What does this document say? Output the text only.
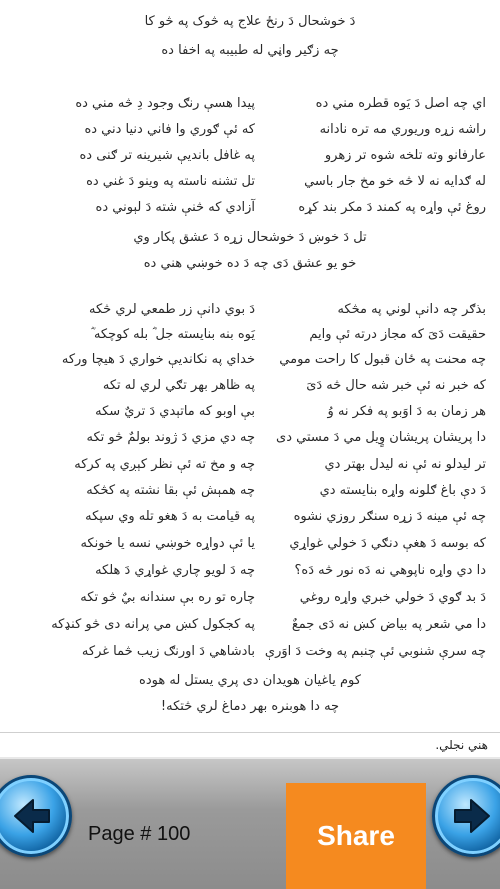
دَ خوشحال دَ رنځ علاج په څوک په څو کا
چه زګیر واڼي له طبیبه په اخفا ده
اي چه اصل دَ يَوه قطره مني ده
پيدا هسې رنګ وجود دِ څه مني ده
راشه زړه وريوري مه تره نادانه
که ئې ګوري وا فاني دنيا دني ده
عارفانو وته تلخه شوه تر زهرو
په غافل بانديې شيرينه تر ګنی ده
له ګدايه نه لا څه خو مخ جار باسي
تل تشنه ناسته په وينو دَ غني ده
روغ ئې واړه په کمند دَ مکر بند کړه
آزادي که څنې شته دَ لېوني ده
تل دَ خوښ دَ خوشحال زړه دَ عشق پکار وي
خو يو عشق دَی چه دَ ده خوښي هني ده
بذګر چه دانې لوني په مڅکه
دَ بوي دانې زر طمعي لري څکه
حقيقت دَیَ که مجاز درته ئې وايم
يَوه بنه بنايسته جل ؓ بله کوچکه ؓ
چه محنت په ځان قبول کا راحت مومي
خداي په نکانديې خواري دَ هيچا ورکه
که خبر نه ئې خبر شه حال څه دَیَ
په ظاهر بهر تګي لري له تکه
هر زمان به دَ اوَبو په فکر نه وُ
بې اوبو که ماتېدي دَ تريٌ سکه
دا پريشان پريشان وٍيل مي دَ مستي دی
چه دي مزي دَ ژوند بولمٌ څو تکه
تر ليدلو نه ئې نه ليدل بهتر دي
چه و مخ ته ئې نظر کېږي په کرکه
دَ دې باغ ګلونه واړه بنايسته دي
چه همېش ئې بقا نشته په کڅکه
چه ئې مينه دَ زړه سنګر روزي نشوه
په قيامت به دَ هغو تله وي سپکه
که بوسه دَ هغې دنګي دَ خولي غواړي
يا ئې دواړه خوښي نسه يا خونکه
دا دي واړه ناپوهي نه دَه نور څه دَه؟
چه دَ لويو چاري غواړي دَ هلکه
دَ بد ګوي دَ خولي خبري واړه روغي
چاره تو ره بې سندانه بيٌ څو تکه
دا مي شعر په بياض کښ نه دَی جمعٌ
په کجکول کښ مي پرانه دی څو کنډکه
چه سرې شنوبي ئې چنبم په وخت دَ اوَرې
بادشاهي دَ اورنګ زيب څما غرکه
کوم ياغيان هويدان دی پري يستل له هوده
چه دا هوبنره بهر دماغ لري څتکه!
هني نجلي.
Page # 100	Share
